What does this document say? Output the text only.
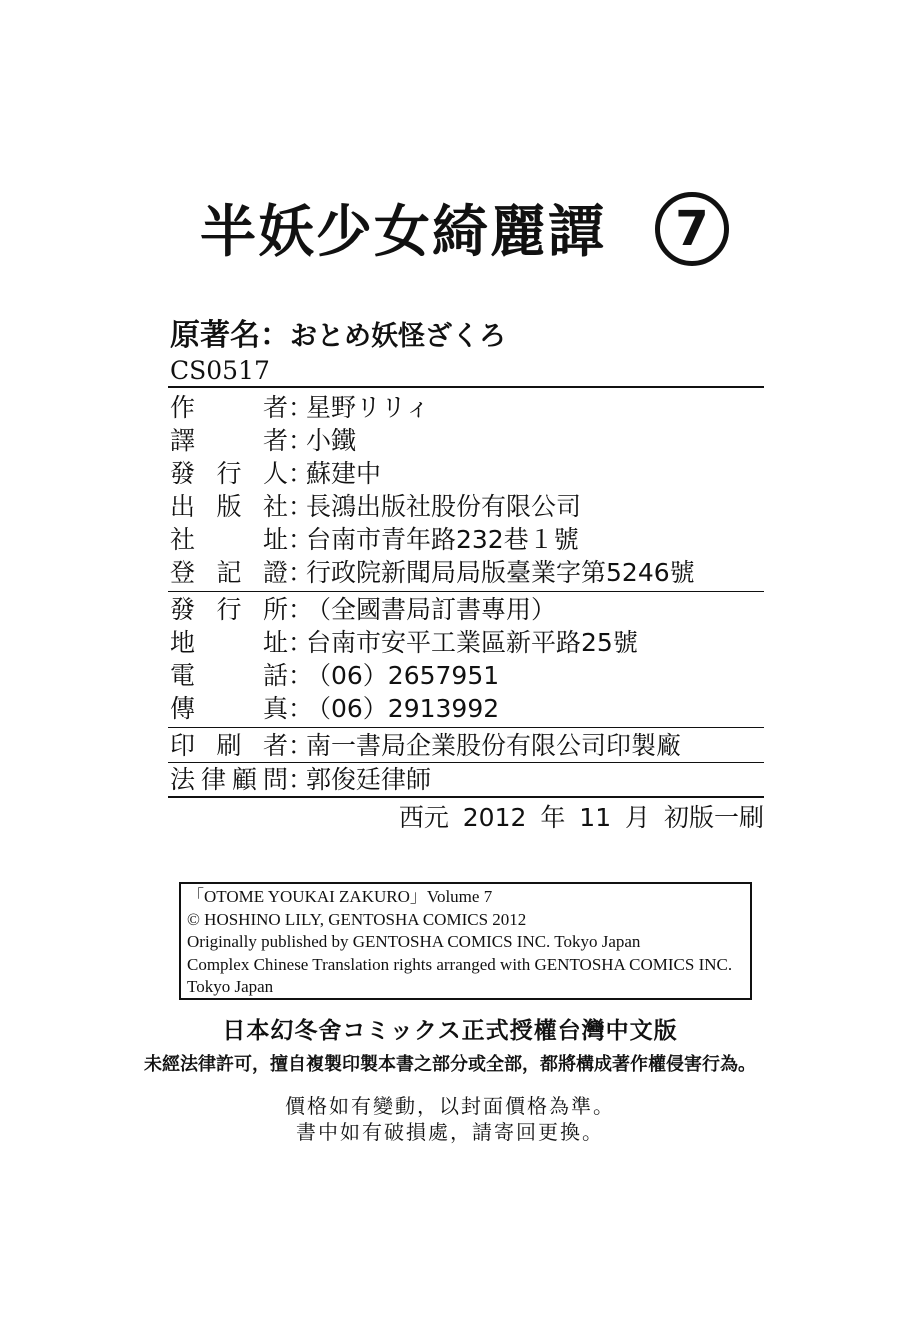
半妖少女綺麗譚	7
原著名：おとめ妖怪ざくろ
CS0517
作者：星野リリィ
譯者：小鐵
發行人：蘇建中
出版社：長鴻出版社股份有限公司
社址：台南市青年路232巷１號
登記證：行政院新聞局局版臺業字第5246號
發行所：（全國書局訂書專用）
地址：台南市安平工業區新平路25號
電話：（06）2657951
傳真：（06）2913992
印刷者：南一書局企業股份有限公司印製廠
法律顧問：郭俊廷律師
西元 2012 年 11 月 初版一刷
「OTOME YOUKAI ZAKURO」Volume 7
© HOSHINO LILY, GENTOSHA COMICS 2012
Originally published by GENTOSHA COMICS INC. Tokyo Japan
Complex Chinese Translation rights arranged with GENTOSHA COMICS INC.
Tokyo Japan
日本幻冬舍コミックス正式授權台灣中文版
未經法律許可，擅自複製印製本書之部分或全部，都將構成著作權侵害行為。
價格如有變動，以封面價格為準。
書中如有破損處，請寄回更換。
